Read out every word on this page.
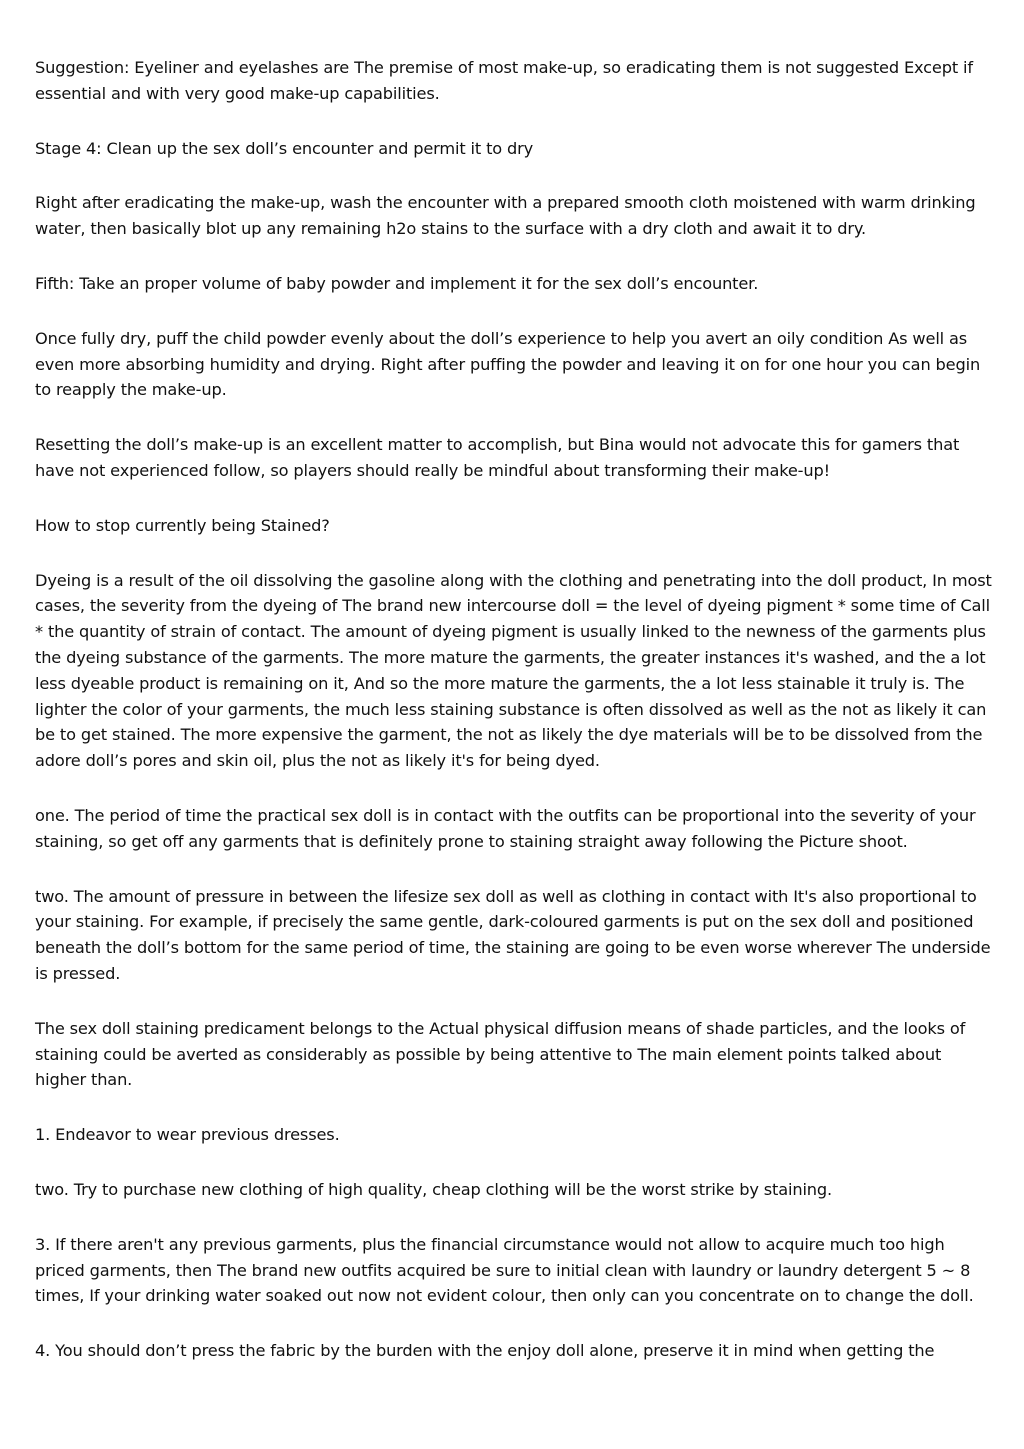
Suggestion: Eyeliner and eyelashes are The premise of most make-up, so eradicating them is not suggested Except if essential and with very good make-up capabilities.

Stage 4: Clean up the sex doll’s encounter and permit it to dry

Right after eradicating the make-up, wash the encounter with a prepared smooth cloth moistened with warm drinking water, then basically blot up any remaining h2o stains to the surface with a dry cloth and await it to dry.

Fifth: Take an proper volume of baby powder and implement it for the sex doll’s encounter.

Once fully dry, puff the child powder evenly about the doll’s experience to help you avert an oily condition As well as even more absorbing humidity and drying. Right after puffing the powder and leaving it on for one hour you can begin to reapply the make-up.

Resetting the doll’s make-up is an excellent matter to accomplish, but Bina would not advocate this for gamers that have not experienced follow, so players should really be mindful about transforming their make-up!

How to stop currently being Stained?

Dyeing is a result of the oil dissolving the gasoline along with the clothing and penetrating into the doll product, In most cases, the severity from the dyeing of The brand new intercourse doll = the level of dyeing pigment * some time of Call * the quantity of strain of contact. The amount of dyeing pigment is usually linked to the newness of the garments plus the dyeing substance of the garments. The more mature the garments, the greater instances it's washed, and the a lot less dyeable product is remaining on it, And so the more mature the garments, the a lot less stainable it truly is. The lighter the color of your garments, the much less staining substance is often dissolved as well as the not as likely it can be to get stained. The more expensive the garment, the not as likely the dye materials will be to be dissolved from the adore doll’s pores and skin oil, plus the not as likely it's for being dyed.

one. The period of time the practical sex doll is in contact with the outfits can be proportional into the severity of your staining, so get off any garments that is definitely prone to staining straight away following the Picture shoot.

two. The amount of pressure in between the lifesize sex doll as well as clothing in contact with It's also proportional to your staining. For example, if precisely the same gentle, dark-coloured garments is put on the sex doll and positioned beneath the doll’s bottom for the same period of time, the staining are going to be even worse wherever The underside is pressed.

The sex doll staining predicament belongs to the Actual physical diffusion means of shade particles, and the looks of staining could be averted as considerably as possible by being attentive to The main element points talked about higher than.

1. Endeavor to wear previous dresses.

two. Try to purchase new clothing of high quality, cheap clothing will be the worst strike by staining.

3. If there aren't any previous garments, plus the financial circumstance would not allow to acquire much too high priced garments, then The brand new outfits acquired be sure to initial clean with laundry or laundry detergent 5 ~ 8 times, If your drinking water soaked out now not evident colour, then only can you concentrate on to change the doll.

4. You should don’t press the fabric by the burden with the enjoy doll alone, preserve it in mind when getting the
